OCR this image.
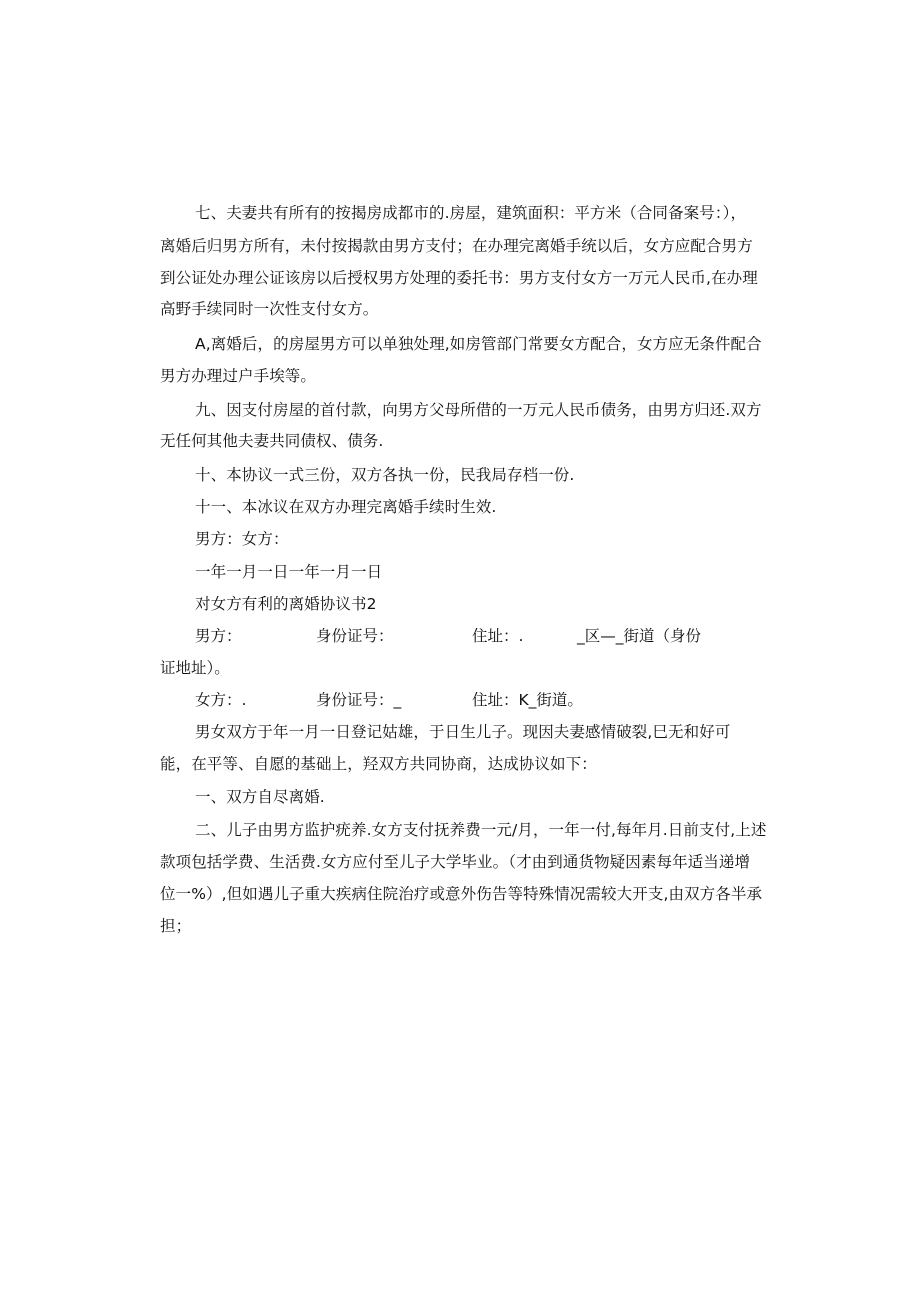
七、夫妻共有所有的按揭房成都市的.房屋，建筑面积：平方米（合同备案号：），
离婚后归男方所有，未付按揭款由男方支付；在办理完离婚手统以后，女方应配合男方
到公证处办理公证该房以后授权男方处理的委托书：男方支付女方一万元人民币,在办理
高野手续同时一次性支付女方。
A,离婚后，的房屋男方可以单独处理,如房管部门常要女方配合，女方应无条件配合
男方办理过户手埃等。
九、因支付房屋的首付款，向男方父母所借的一万元人民币债务，由男方归还.双方
无任何其他夫妻共同债权、债务.
十、本协议一式三份，双方各执一份，民我局存档一份.
十一、本冰议在双方办理完离婚手续时生效.
男方：女方：
一年一月一日一年一月一日
对女方有利的离婚协议书2
男方：	身份证号：	住址：.	_区—_街道（身份
证地址）。
女方：.	身份证号：_	住址：K_街道。
男女双方于年一月一日登记姑雄，于日生儿子。现因夫妻感情破裂,巳无和好可
能，在平等、自愿的基础上，羟双方共同协商，达成协议如下：
一、双方自尽离婚.
二、儿子由男方监护疣养.女方支付抚养费一元/月，一年一付,每年月.日前支付,上述
款项包括学费、生活费.女方应付至儿子大学毕业。（才由到通货物疑因素每年适当递增
位一%）,但如遇儿子重大疾病住院治疗或意外伤告等特殊情况需较大开支,由双方各半承
担；
